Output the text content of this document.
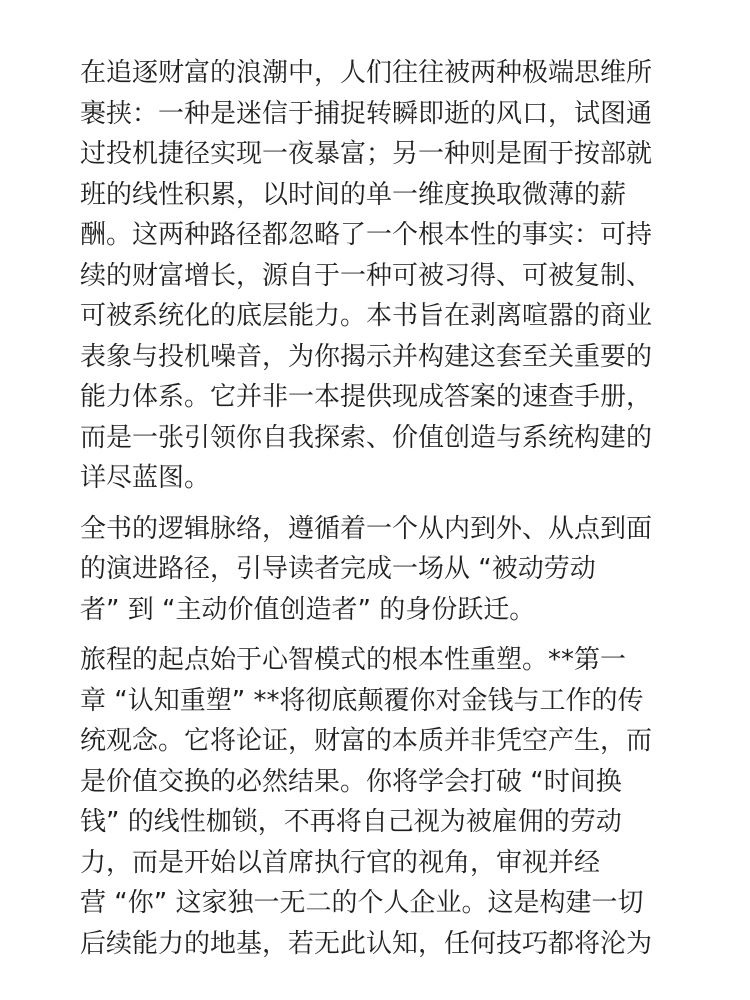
在追逐财富的浪潮中，人们往往被两种极端思维所
裹挟：一种是迷信于捕捉转瞬即逝的风口，试图通
过投机捷径实现一夜暴富；另一种则是囿于按部就
班的线性积累，以时间的单一维度换取微薄的薪
酬。这两种路径都忽略了一个根本性的事实：可持
续的财富增长，源自于一种可被习得、可被复制、
可被系统化的底层能力。本书旨在剥离喧嚣的商业
表象与投机噪音，为你揭示并构建这套至关重要的
能力体系。它并非一本提供现成答案的速查手册，
而是一张引领你自我探索、价值创造与系统构建的
详尽蓝图。
全书的逻辑脉络，遵循着一个从内到外、从点到面
的演进路径，引导读者完成一场从 “被动劳动
者” 到 “主动价值创造者” 的身份跃迁。
旅程的起点始于心智模式的根本性重塑。**第一
章 “认知重塑” **将彻底颠覆你对金钱与工作的传
统观念。它将论证，财富的本质并非凭空产生，而
是价值交换的必然结果。你将学会打破 “时间换
钱” 的线性枷锁，不再将自己视为被雇佣的劳动
力，而是开始以首席执行官的视角，审视并经
营 “你” 这家独一无二的个人企业。这是构建一切
后续能力的地基，若无此认知，任何技巧都将沦为
